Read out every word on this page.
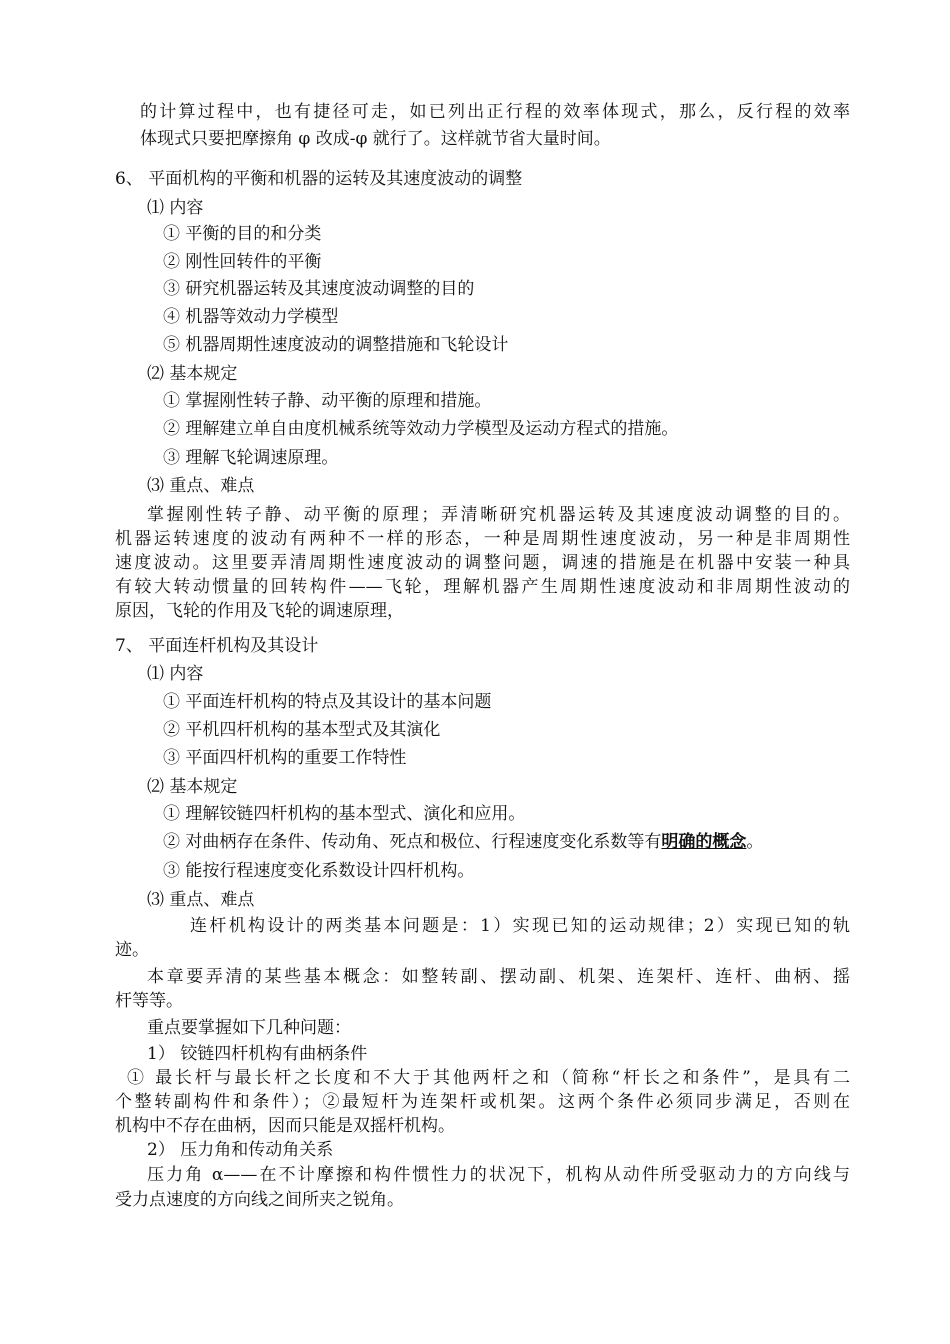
的计算过程中，也有捷径可走，如已列出正行程的效率体现式，那么，反行程的效率
体现式只要把摩擦角 φ 改成-φ 就行了。这样就节省大量时间。
6、 平面机构的平衡和机器的运转及其速度波动的调整
⑴ 内容
① 平衡的目的和分类
② 刚性回转件的平衡
③ 研究机器运转及其速度波动调整的目的
④ 机器等效动力学模型
⑤ 机器周期性速度波动的调整措施和飞轮设计
⑵ 基本规定
① 掌握刚性转子静、动平衡的原理和措施。
② 理解建立单自由度机械系统等效动力学模型及运动方程式的措施。
③ 理解飞轮调速原理。
⑶ 重点、难点
掌握刚性转子静、动平衡的原理；弄清晰研究机器运转及其速度波动调整的目的。
机器运转速度的波动有两种不一样的形态，一种是周期性速度波动，另一种是非周期性
速度波动。这里要弄清周期性速度波动的调整问题，调速的措施是在机器中安装一种具
有较大转动惯量的回转构件——飞轮，理解机器产生周期性速度波动和非周期性波动的
原因，飞轮的作用及飞轮的调速原理，
7、 平面连杆机构及其设计
⑴ 内容
① 平面连杆机构的特点及其设计的基本问题
② 平机四杆机构的基本型式及其演化
③ 平面四杆机构的重要工作特性
⑵ 基本规定
① 理解铰链四杆机构的基本型式、演化和应用。
② 对曲柄存在条件、传动角、死点和极位、行程速度变化系数等有明确的概念。
③ 能按行程速度变化系数设计四杆机构。
⑶ 重点、难点
连杆机构设计的两类基本问题是：1）实现已知的运动规律；2）实现已知的轨
迹。
本章要弄清的某些基本概念：如整转副、摆动副、机架、连架杆、连杆、曲柄、摇
杆等等。
重点要掌握如下几种问题：
1） 铰链四杆机构有曲柄条件
① 最长杆与最长杆之长度和不大于其他两杆之和（简称“杆长之和条件”，是具有二
个整转副构件和条件）；②最短杆为连架杆或机架。这两个条件必须同步满足，否则在
机构中不存在曲柄，因而只能是双摇杆机构。
2） 压力角和传动角关系
压力角 α——在不计摩擦和构件惯性力的状况下，机构从动件所受驱动力的方向线与
受力点速度的方向线之间所夹之锐角。
